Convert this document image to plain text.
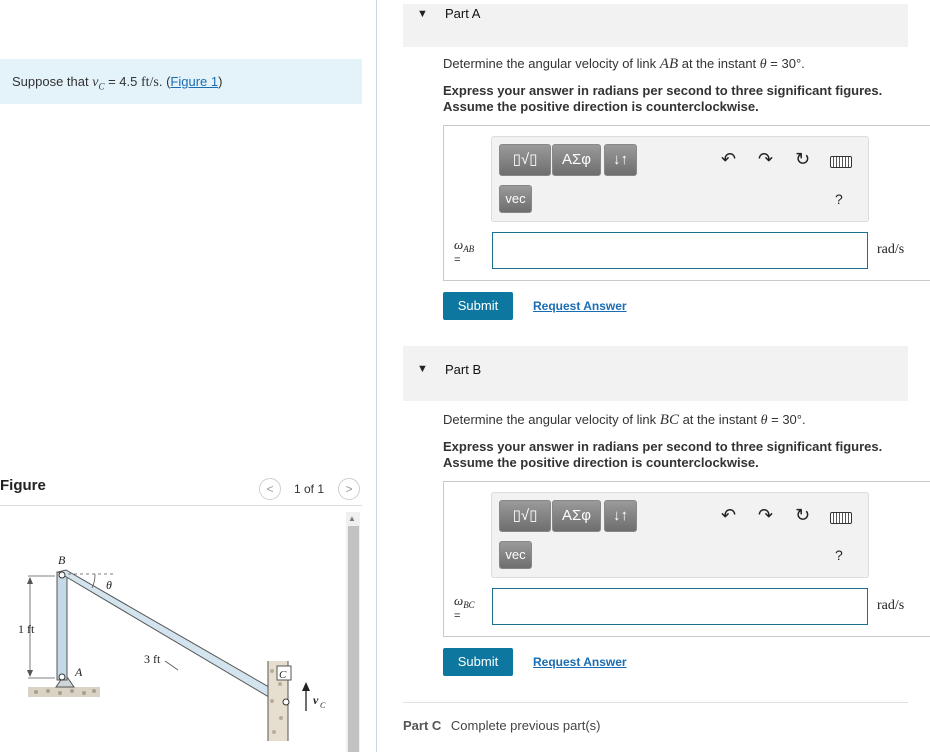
Suppose that $v_C = 4.5$ ft/s. (Figure 1)
Figure	<	1 of 1	>
B
A	C
θ
1 ft
3 ft
v C
▲
▼ Part A
Determine the angular velocity of link AB at the instant θ = 30°.
Express your answer in radians per second to three significant figures.
Assume the positive direction is counterclockwise.
▯√▯	ΑΣφ	↓↑
vec
↶ ↷ ↻
?
$\omega_{AB}$
=
rad/s
Submit	Request Answer
▼ Part B
Determine the angular velocity of link BC at the instant θ = 30°.
Express your answer in radians per second to three significant figures.
Assume the positive direction is counterclockwise.
▯√▯	ΑΣφ	↓↑
vec
↶ ↷ ↻
?
$\omega_{BC}$
=
rad/s
Submit	Request Answer
Part C Complete previous part(s)
